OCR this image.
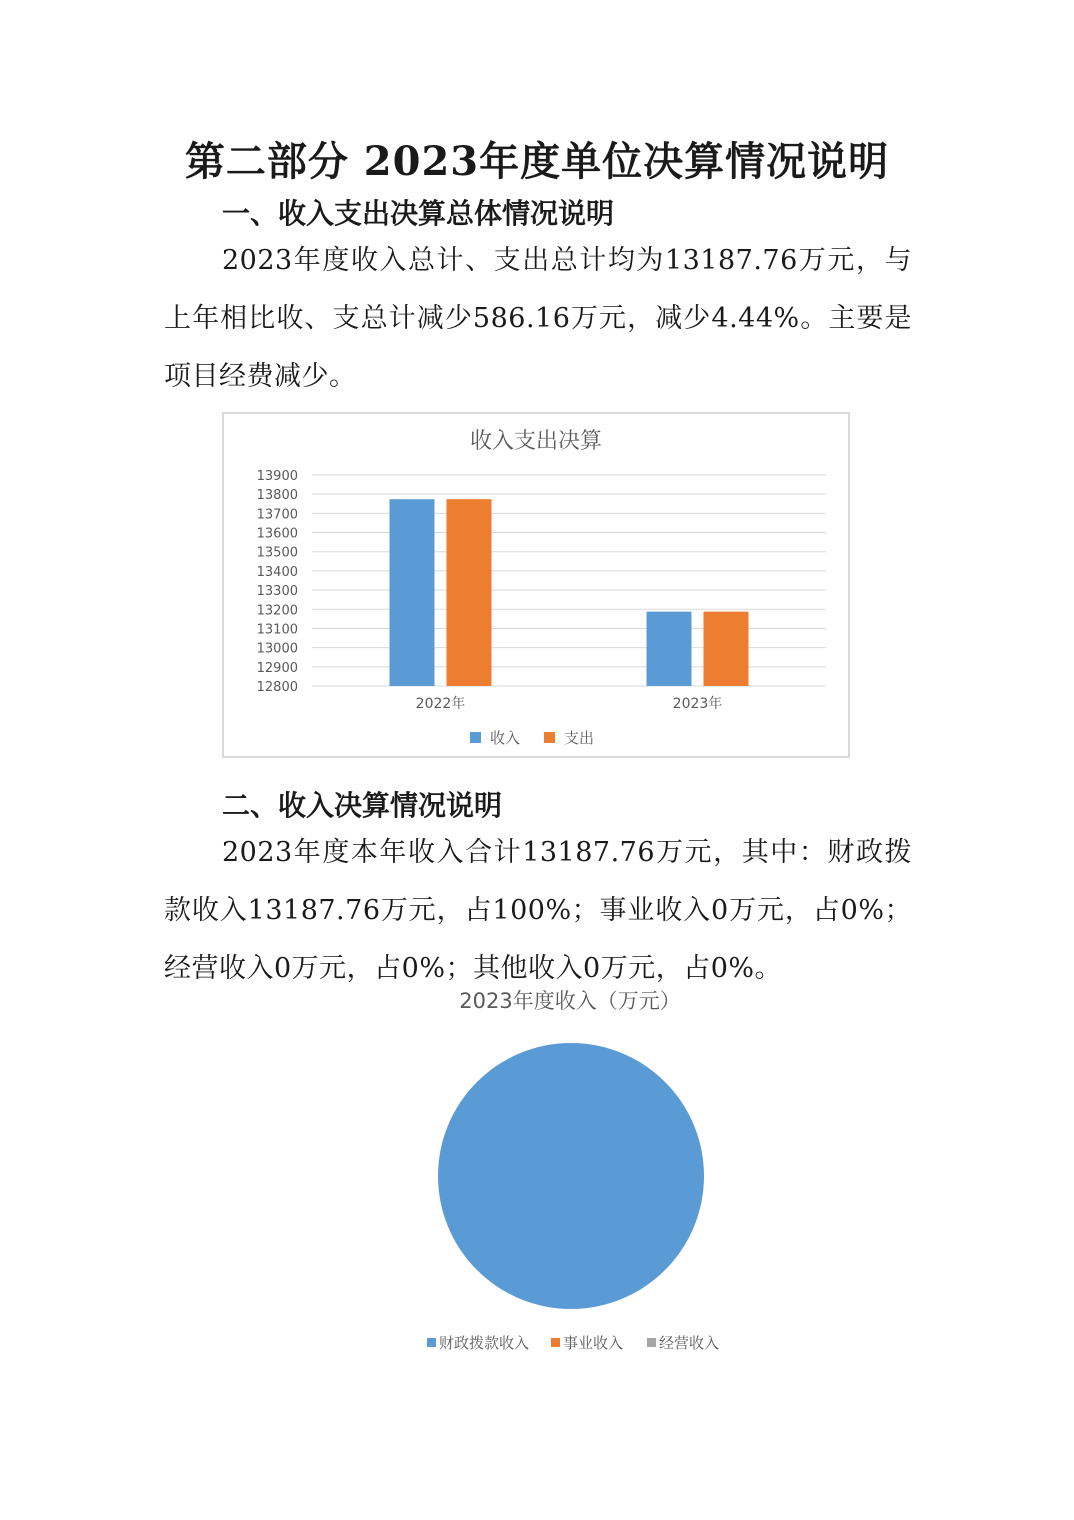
第二部分 2023年度单位决算情况说明
一、收入支出决算总体情况说明

2023年度收入总计、支出总计均为13187.76万元，与上年相比收、支总计减少586.16万元，减少4.44%。主要是项目经费减少。

收入支出决算
12800
12900
13000
13100
13200
13300
13400
13500
13600
13700
13800
13900
2022年	2023年
收入	支出
二、收入决算情况说明

2023年度本年收入合计13187.76万元，其中：财政拨款收入13187.76万元，占100%；事业收入0万元，占0%；经营收入0万元，占0%；其他收入0万元，占0%。

2023年度收入（万元）
财政拨款收入 事业收入 经营收入
